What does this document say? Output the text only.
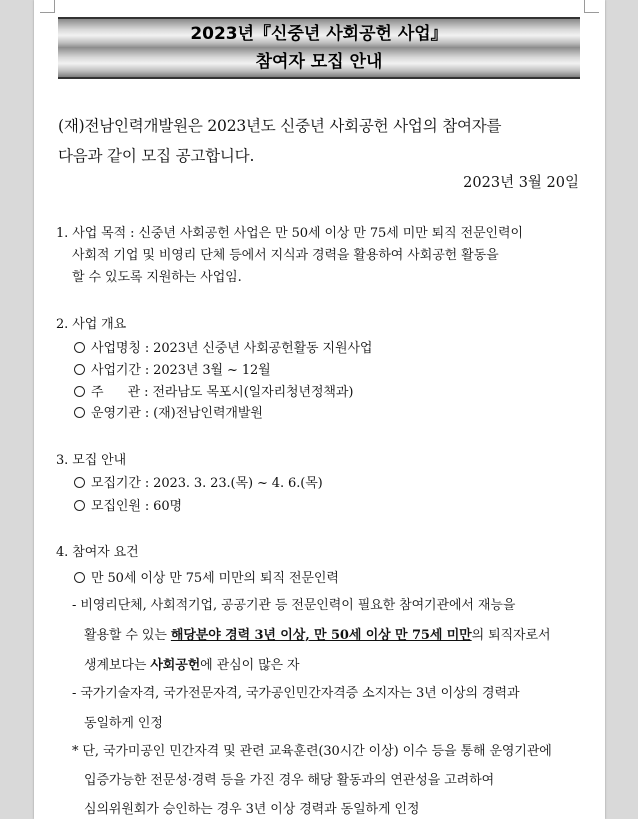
2023년『신중년 사회공헌 사업』
참여자 모집 안내
(재)전남인력개발원은 2023년도 신중년 사회공헌 사업의 참여자를
다음과 같이 모집 공고합니다.
2023년 3월 20일
1. 사업 목적 : 신중년 사회공헌 사업은 만 50세 이상 만 75세 미만 퇴직 전문인력이
사회적 기업 및 비영리 단체 등에서 지식과 경력을 활용하여 사회공헌 활동을
할 수 있도록 지원하는 사업임.
2. 사업 개요
사업명칭 : 2023년 신중년 사회공헌활동 지원사업
사업기간 : 2023년 3월 ~ 12월
주      관 : 전라남도 목포시(일자리청년정책과)
운영기관 : (재)전남인력개발원
3. 모집 안내
모집기간 : 2023. 3. 23.(목) ~ 4. 6.(목)
모집인원 : 60명
4. 참여자 요건
만 50세 이상 만 75세 미만의 퇴직 전문인력
- 비영리단체, 사회적기업, 공공기관 등 전문인력이 필요한 참여기관에서 재능을
활용할 수 있는 해당분야 경력 3년 이상, 만 50세 이상 만 75세 미만의 퇴직자로서
생계보다는 사회공헌에 관심이 많은 자
- 국가기술자격, 국가전문자격, 국가공인민간자격증 소지자는 3년 이상의 경력과
동일하게 인정
* 단, 국가미공인 민간자격 및 관련 교육훈련(30시간 이상) 이수 등을 통해 운영기관에
입증가능한 전문성·경력 등을 가진 경우 해당 활동과의 연관성을 고려하여
심의위원회가 승인하는 경우 3년 이상 경력과 동일하게 인정
